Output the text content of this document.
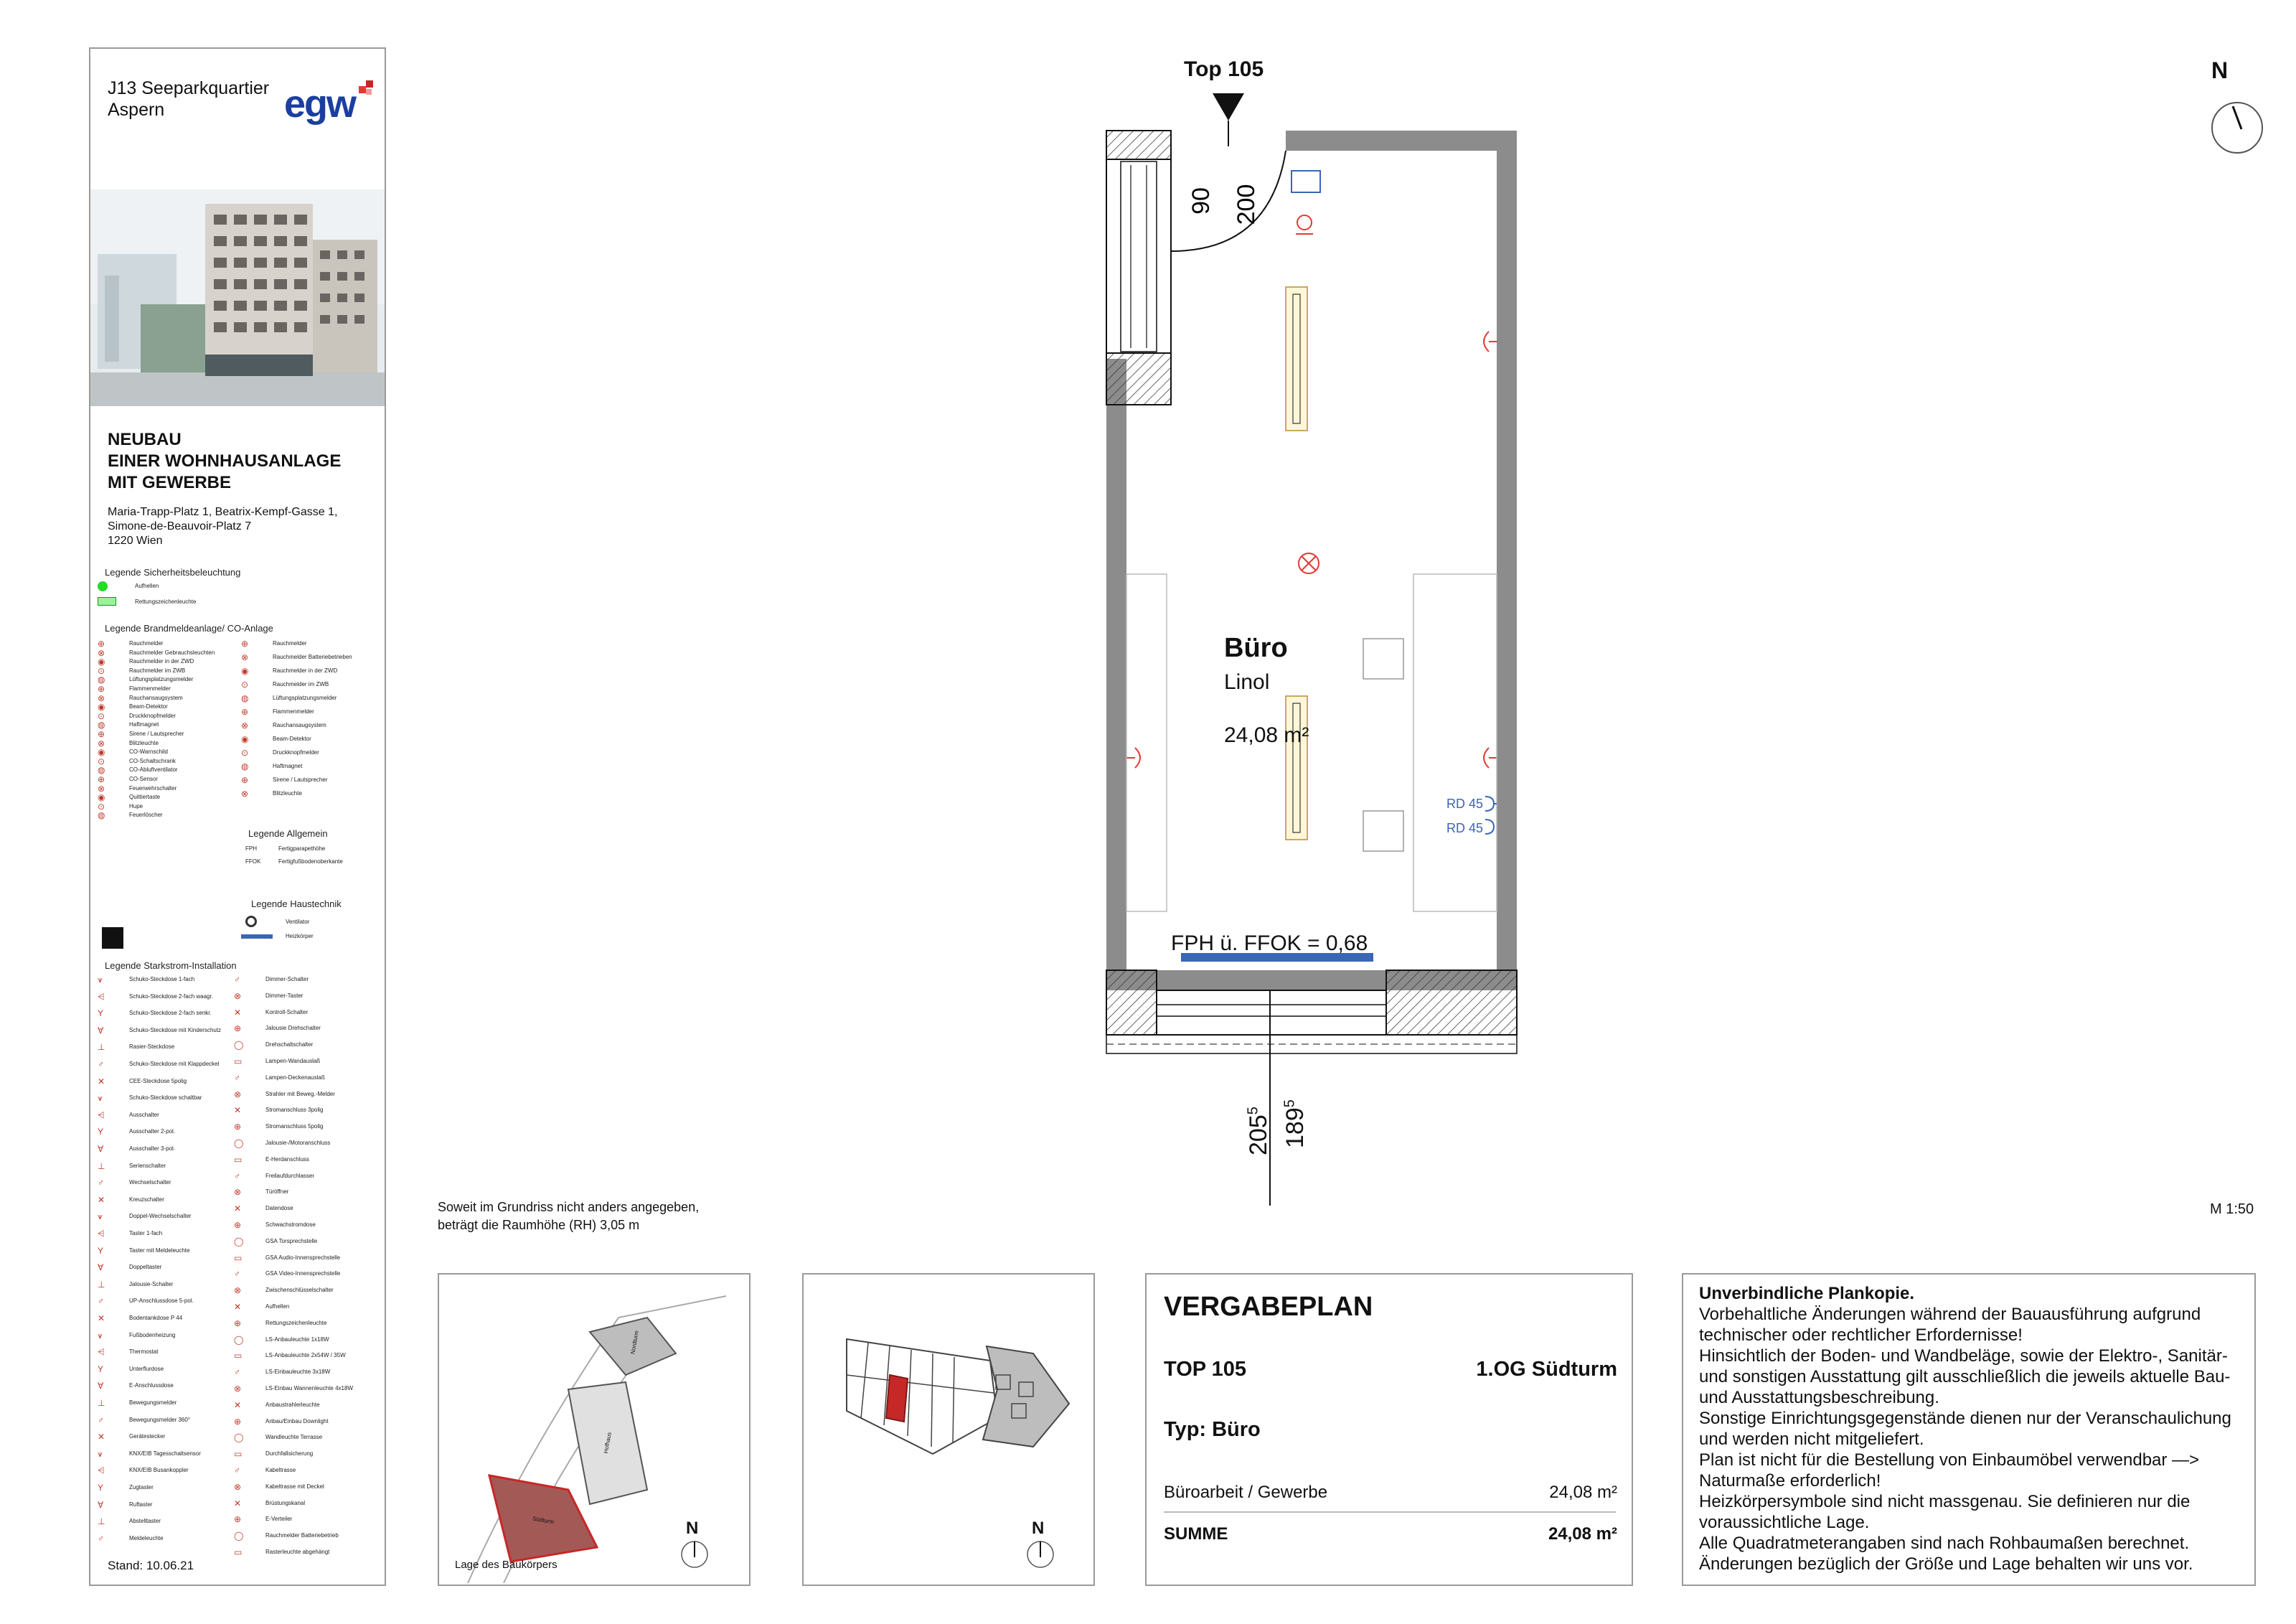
J13 Seeparkquartier
Aspern	egw
NEUBAU
EINER WOHNHAUSANLAGE
MIT GEWERBE
Maria-Trapp-Platz 1, Beatrix-Kempf-Gasse 1,
Simone-de-Beauvoir-Platz 7
1220 Wien
Legende Sicherheitsbeleuchtung
Aufhellen
Rettungszeichenleuchte
Legende Brandmeldeanlage/ CO-Anlage
⊕	Rauchmelder
⊗	Rauchmelder Gebrauchsleuchten
◉	Rauchmelder in der ZWD
⊙	Rauchmelder im ZWB
◍	Lüftungsplatzungsmelder
⊕	Flammenmelder
⊗	Rauchansaugsystem
◉	Beam-Detektor
⊙	Druckknopfmelder
◍	Haftmagnet
⊕	Sirene / Lautsprecher
⊗	Blitzleuchte
◉	CO-Warnschild
⊙	CO-Schaltschrank
◍	CO-Abluftventilator
⊕	CO-Sensor
⊗	Feuerwehrschalter
◉	Quittiertaste
⊙	Hupe
◍	Feuerlöscher
⊕	Rauchmelder
⊗	Rauchmelder Batteriebetrieben
◉	Rauchmelder in der ZWD
⊙	Rauchmelder im ZWB
◍	Lüftungsplatzungsmelder
⊕	Flammenmelder
⊗	Rauchansaugsystem
◉	Beam-Detektor
⊙	Druckknopfmelder
◍	Haftmagnet
⊕	Sirene / Lautsprecher
⊗	Blitzleuchte
Legende Allgemein
FPH	Fertigparapethöhe
FFOK	Fertigfußbodenoberkante
Legende Haustechnik
Ventilator
Heizkörper
Legende Starkstrom-Installation
⩛	Schuko-Steckdose 1-fach
⩤	Schuko-Steckdose 2-fach waagr.
Y	Schuko-Steckdose 2-fach senkr.
∀	Schuko-Steckdose mit Kinderschutz
⊥	Rasier-Steckdose
♂	Schuko-Steckdose mit Klappdeckel
✕	CEE-Steckdose 5polig
⩛	Schuko-Steckdose schaltbar
⩤	Ausschalter
Y	Ausschalter 2-pol.
∀	Ausschalter 3-pol.
⊥	Serienschalter
♂	Wechselschalter
✕	Kreuzschalter
⩛	Doppel-Wechselschalter
⩤	Taster 1-fach
Y	Taster mit Meldeleuchte
∀	Doppeltaster
⊥	Jalousie-Schalter
♂	UP-Anschlussdose 5-pol.
✕	Bodentankdose P 44
⩛	Fußbodenheizung
⩤	Thermostat
Y	Unterflurdose
∀	E-Anschlussdose
⊥	Bewegungsmelder
♂	Bewegungsmelder 360°
✕	Gerätestecker
⩛	KNX/EIB Tagesschaltsensor
⩤	KNX/EIB Busankoppler
Y	Zugtaster
∀	Ruftaster
⊥	Abstelltaster
♂	Meldeleuchte
♂	Dimmer-Schalter
⊗	Dimmer-Taster
✕	Kontroll-Schalter
⊕	Jalousie Drehschalter
◯	Drehschaltschalter
▭	Lampen-Wandauslaß
♂	Lampen-Deckenauslaß
⊗	Strahler mit Beweg.-Melder
✕	Stromanschluss 3polig
⊕	Stromanschluss 5polig
◯	Jalousie-/Motoranschluss
▭	E-Herdanschluss
♂	Freilaufdurchlasser
⊗	Türöffner
✕	Datendose
⊕	Schwachstromdose
◯	GSA Torsprechstelle
▭	GSA Audio-Innensprechstelle
♂	GSA Video-Innensprechstelle
⊗	Zwischenschlüsselschalter
✕	Aufhellen
⊕	Rettungszeichenleuchte
◯	LS-Anbauleuchte 1x18W
▭	LS-Anbauleuchte 2x54W / 35W
♂	LS-Einbauleuchte 3x18W
⊗	LS-Einbau Wannenleuchte 4x18W
✕	Anbaustrahlerleuchte
⊕	Anbau/Einbau Downlight
◯	Wandleuchte Terrasse
▭	Durchfallsicherung
♂	Kabeltrasse
⊗	Kabeltrasse mit Deckel
✕	Brüstungskanal
⊕	E-Verteiler
◯	Rauchmelder Batteriebetrieb
▭	Rasterleuchte abgehängt
Stand: 10.06.21
Top 105
90 200
Büro
Linol
24,08 m²
RD 45
RD 45
FPH ü. FFOK = 0,68
$205^5$ $189^5$
N
M 1:50
Soweit im Grundriss nicht anders angegeben,
beträgt die Raumhöhe (RH) 3,05 m
Nordturm
Hofhaus
Südturm	N
Lage des Baukörpers
N
VERGABEPLAN
TOP 105	1.OG Südturm
Typ: Büro
Büroarbeit / Gewerbe	24,08 m²
SUMME	24,08 m²
Unverbindliche Plankopie.
Vorbehaltliche Änderungen während der Bauausführung aufgrund
technischer oder rechtlicher Erfordernisse!
Hinsichtlich der Boden- und Wandbeläge, sowie der Elektro-, Sanitär-
und sonstigen Ausstattung gilt ausschließlich die jeweils aktuelle Bau-
und Ausstattungsbeschreibung.
Sonstige Einrichtungsgegenstände dienen nur der Veranschaulichung
und werden nicht mitgeliefert.
Plan ist nicht für die Bestellung von Einbaumöbel verwendbar —>
Naturmaße erforderlich!
Heizkörpersymbole sind nicht massgenau. Sie definieren nur die
voraussichtliche Lage.
Alle Quadratmeterangaben sind nach Rohbaumaßen berechnet.
Änderungen bezüglich der Größe und Lage behalten wir uns vor.
